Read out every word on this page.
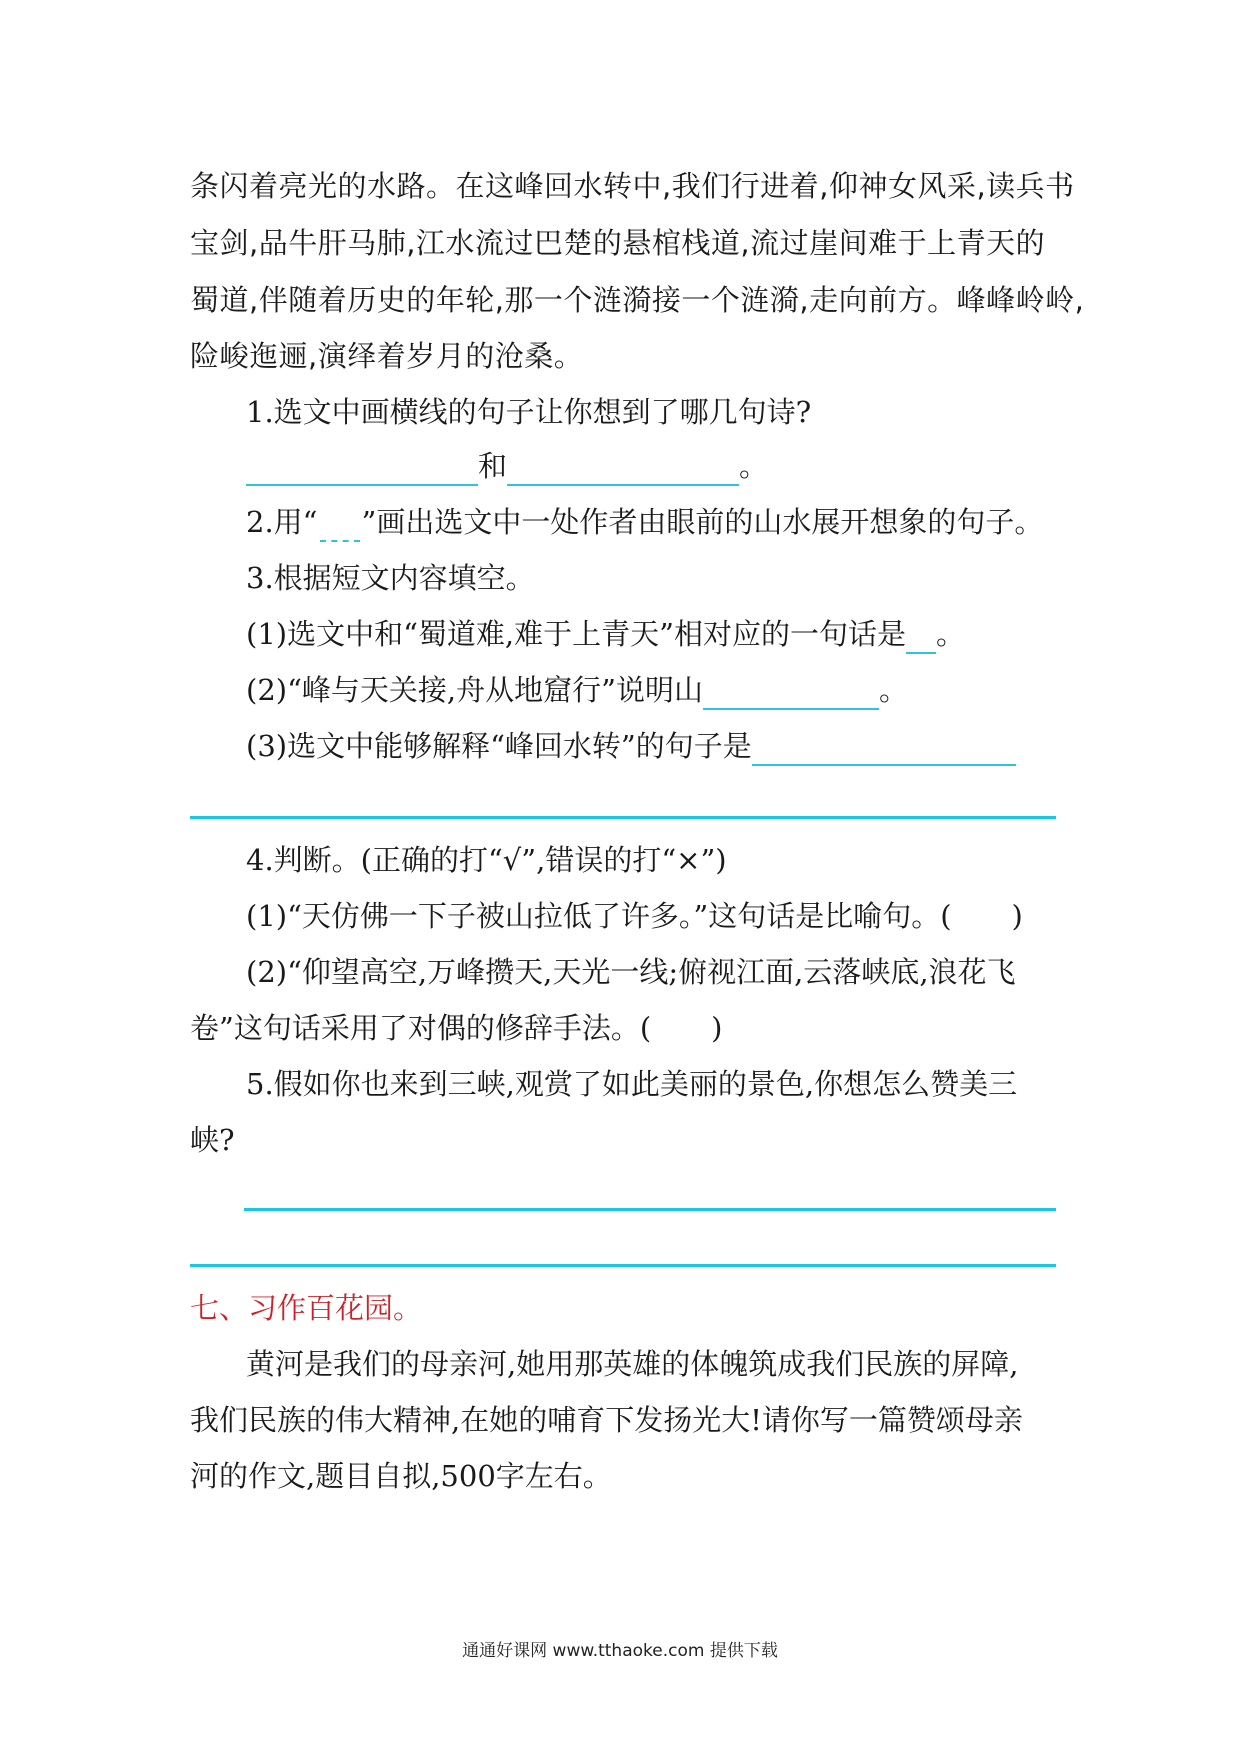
条闪着亮光的水路。在这峰回水转中,我们行进着,仰神女风采,读兵书
宝剑,品牛肝马肺,江水流过巴楚的悬棺栈道,流过崖间难于上青天的
蜀道,伴随着历史的年轮,那一个涟漪接一个涟漪,走向前方。峰峰岭岭,
险峻迤逦,演绎着岁月的沧桑。
1.选文中画横线的句子让你想到了哪几句诗?
和	。
2.用“ ”画出选文中一处作者由眼前的山水展开想象的句子。
3.根据短文内容填空。
(1)选文中和“蜀道难,难于上青天”相对应的一句话是 。
(2)“峰与天关接,舟从地窟行”说明山	。
(3)选文中能够解释“峰回水转”的句子是
4.判断。(正确的打“√”,错误的打“×”)
(1)“天仿佛一下子被山拉低了许多。”这句话是比喻句。( )
(2)“仰望高空,万峰攒天,天光一线;俯视江面,云落峡底,浪花飞
卷”这句话采用了对偶的修辞手法。( )
5.假如你也来到三峡,观赏了如此美丽的景色,你想怎么赞美三
峡?
七、习作百花园。
黄河是我们的母亲河,她用那英雄的体魄筑成我们民族的屏障,
我们民族的伟大精神,在她的哺育下发扬光大!请你写一篇赞颂母亲
河的作文,题目自拟,500字左右。
通通好课网 www.tthaoke.com 提供下载
